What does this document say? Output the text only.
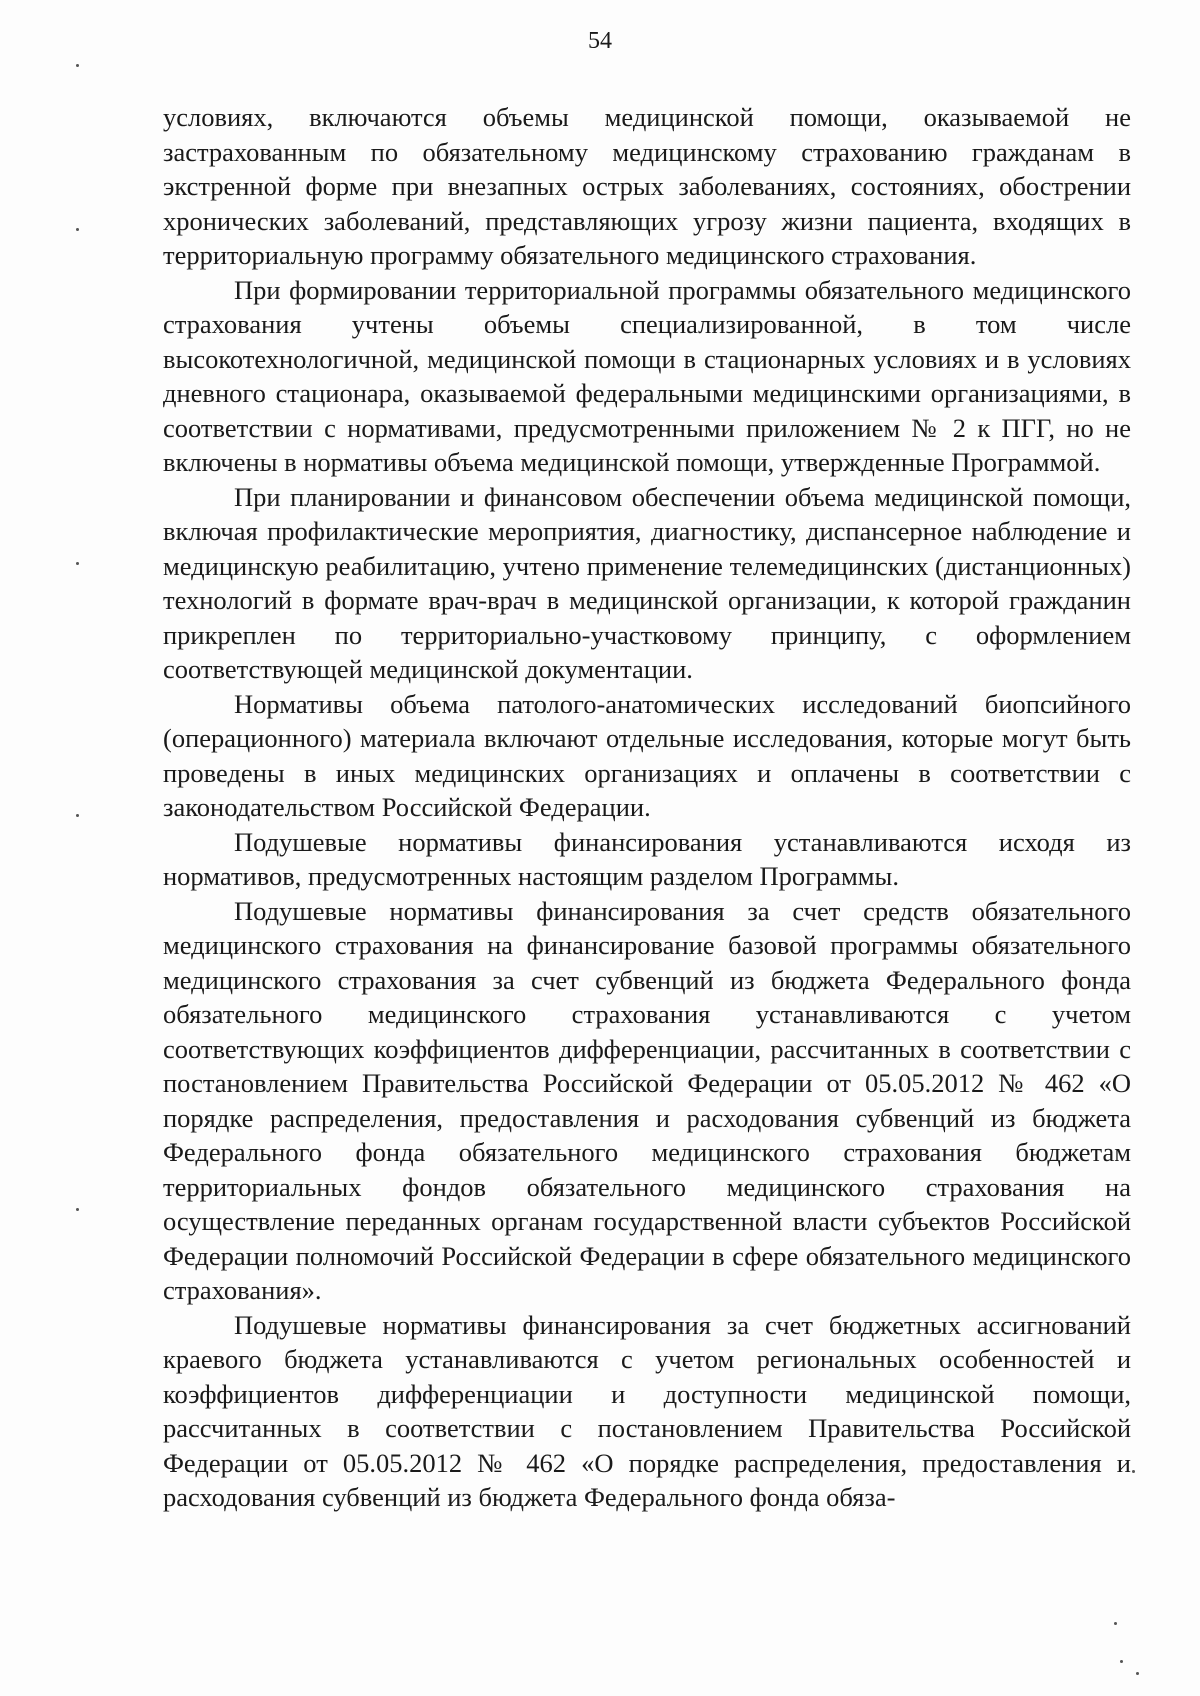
54

условиях, включаются объемы медицинской помощи, оказываемой не застрахованным по обязательному медицинскому страхованию гражданам в экстренной форме при внезапных острых заболеваниях, состояниях, обострении хронических заболеваний, представляющих угрозу жизни пациента, входящих в территориальную программу обязательного медицинского страхования.

При формировании территориальной программы обязательного медицинского страхования учтены объемы специализированной, в том числе высокотехнологичной, медицинской помощи в стационарных условиях и в условиях дневного стационара, оказываемой федеральными медицинскими организациями, в соответствии с нормативами, предусмотренными приложением № 2 к ПГГ, но не включены в нормативы объема медицинской помощи, утвержденные Программой.

При планировании и финансовом обеспечении объема медицинской помощи, включая профилактические мероприятия, диагностику, диспансерное наблюдение и медицинскую реабилитацию, учтено применение телемедицинских (дистанционных) технологий в формате врач-врач в медицинской организации, к которой гражданин прикреплен по территориально-участковому принципу, с оформлением соответствующей медицинской документации.

Нормативы объема патолого-анатомических исследований биопсийного (операционного) материала включают отдельные исследования, которые могут быть проведены в иных медицинских организациях и оплачены в соответствии с законодательством Российской Федерации.

Подушевые нормативы финансирования устанавливаются исходя из нормативов, предусмотренных настоящим разделом Программы.

Подушевые нормативы финансирования за счет средств обязательного медицинского страхования на финансирование базовой программы обязательного медицинского страхования за счет субвенций из бюджета Федерального фонда обязательного медицинского страхования устанавливаются с учетом соответствующих коэффициентов дифференциации, рассчитанных в соответствии с постановлением Правительства Российской Федерации от 05.05.2012 № 462 «О порядке распределения, предоставления и расходования субвенций из бюджета Федерального фонда обязательного медицинского страхования бюджетам территориальных фондов обязательного медицинского страхования на осуществление переданных органам государственной власти субъектов Российской Федерации полномочий Российской Федерации в сфере обязательного медицинского страхования».

Подушевые нормативы финансирования за счет бюджетных ассигнований краевого бюджета устанавливаются с учетом региональных особенностей и коэффициентов дифференциации и доступности медицинской помощи, рассчитанных в соответствии с постановлением Правительства Российской Федерации от 05.05.2012 № 462 «О порядке распределения, предоставления и расходования субвенций из бюджета Федерального фонда обяза-
